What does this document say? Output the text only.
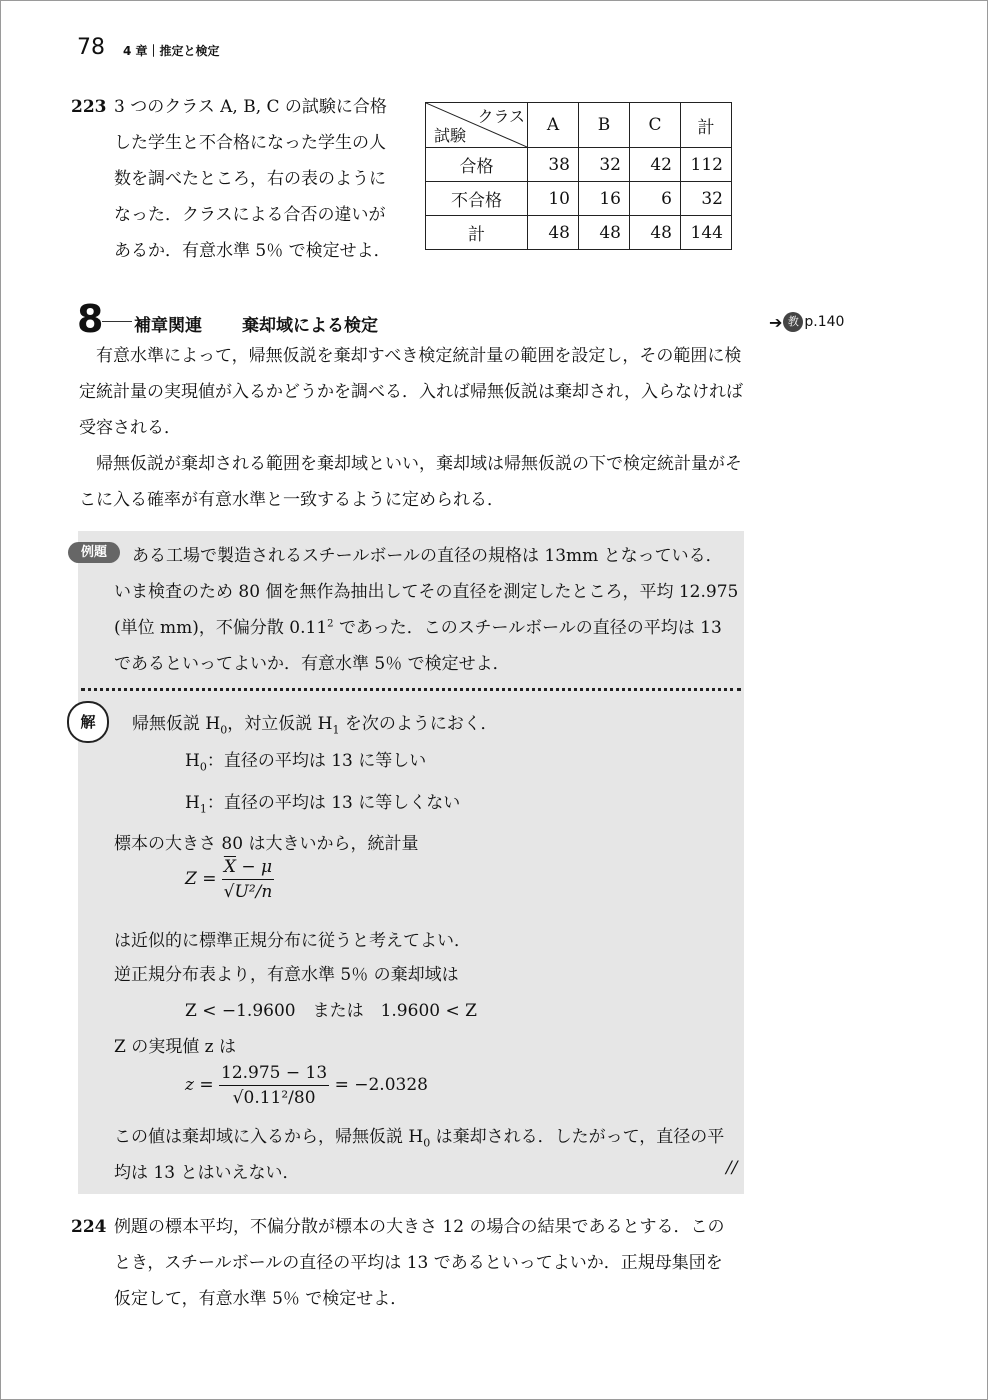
78 4 章｜推定と検定
223 3 つのクラス A, B, C の試験に合格
した学生と不合格になった学生の人
数を調べたところ，右の表のように
なった．クラスによる合否の違いが
あるか．有意水準 5％ で検定せよ．
クラス
試験	A	B	C	計
合格	38	32	42	112
不合格	10	16	6	32
計	48	48	48	144
8 補章関連 棄却域による検定	➔ 教 p.140
有意水準によって，帰無仮説を棄却すべき検定統計量の範囲を設定し，その範囲に検定統計量の実現値が入るかどうかを調べる．入れば帰無仮説は棄却され，入らなければ受容される．
帰無仮説が棄却される範囲を棄却域といい，棄却域は帰無仮説の下で検定統計量がそこに入る確率が有意水準と一致するように定められる．
例題	ある工場で製造されるスチールボールの直径の規格は 13mm となっている．
いま検査のため 80 個を無作為抽出してその直径を測定したところ，平均 12.975
(単位 mm)，不偏分散 0.11$^2$ であった．このスチールボールの直径の平均は 13
であるといってよいか．有意水準 5％ で検定せよ．
解	帰無仮説 $H_0$，対立仮説 $H_1$ を次のようにおく．
$H_0$：直径の平均は 13 に等しい
$H_1$：直径の平均は 13 に等しくない
標本の大きさ 80 は大きいから，統計量
$Z = \frac{\overline{X} - \mu}{\text{√U²/n}}$
は近似的に標準正規分布に従うと考えてよい．
逆正規分布表より，有意水準 5％ の棄却域は
Z < −1.9600　または　1.9600 < Z
Z の実現値 z は
$z = \frac{12.975 - 13}{\text{√0.11²/80}} = -2.0328$
この値は棄却域に入るから，帰無仮説 $H_0$ は棄却される．したがって，直径の平
均は 13 とはいえない．	//
224 例題の標本平均，不偏分散が標本の大きさ 12 の場合の結果であるとする．この
とき，スチールボールの直径の平均は 13 であるといってよいか．正規母集団を
仮定して，有意水準 5％ で検定せよ．
